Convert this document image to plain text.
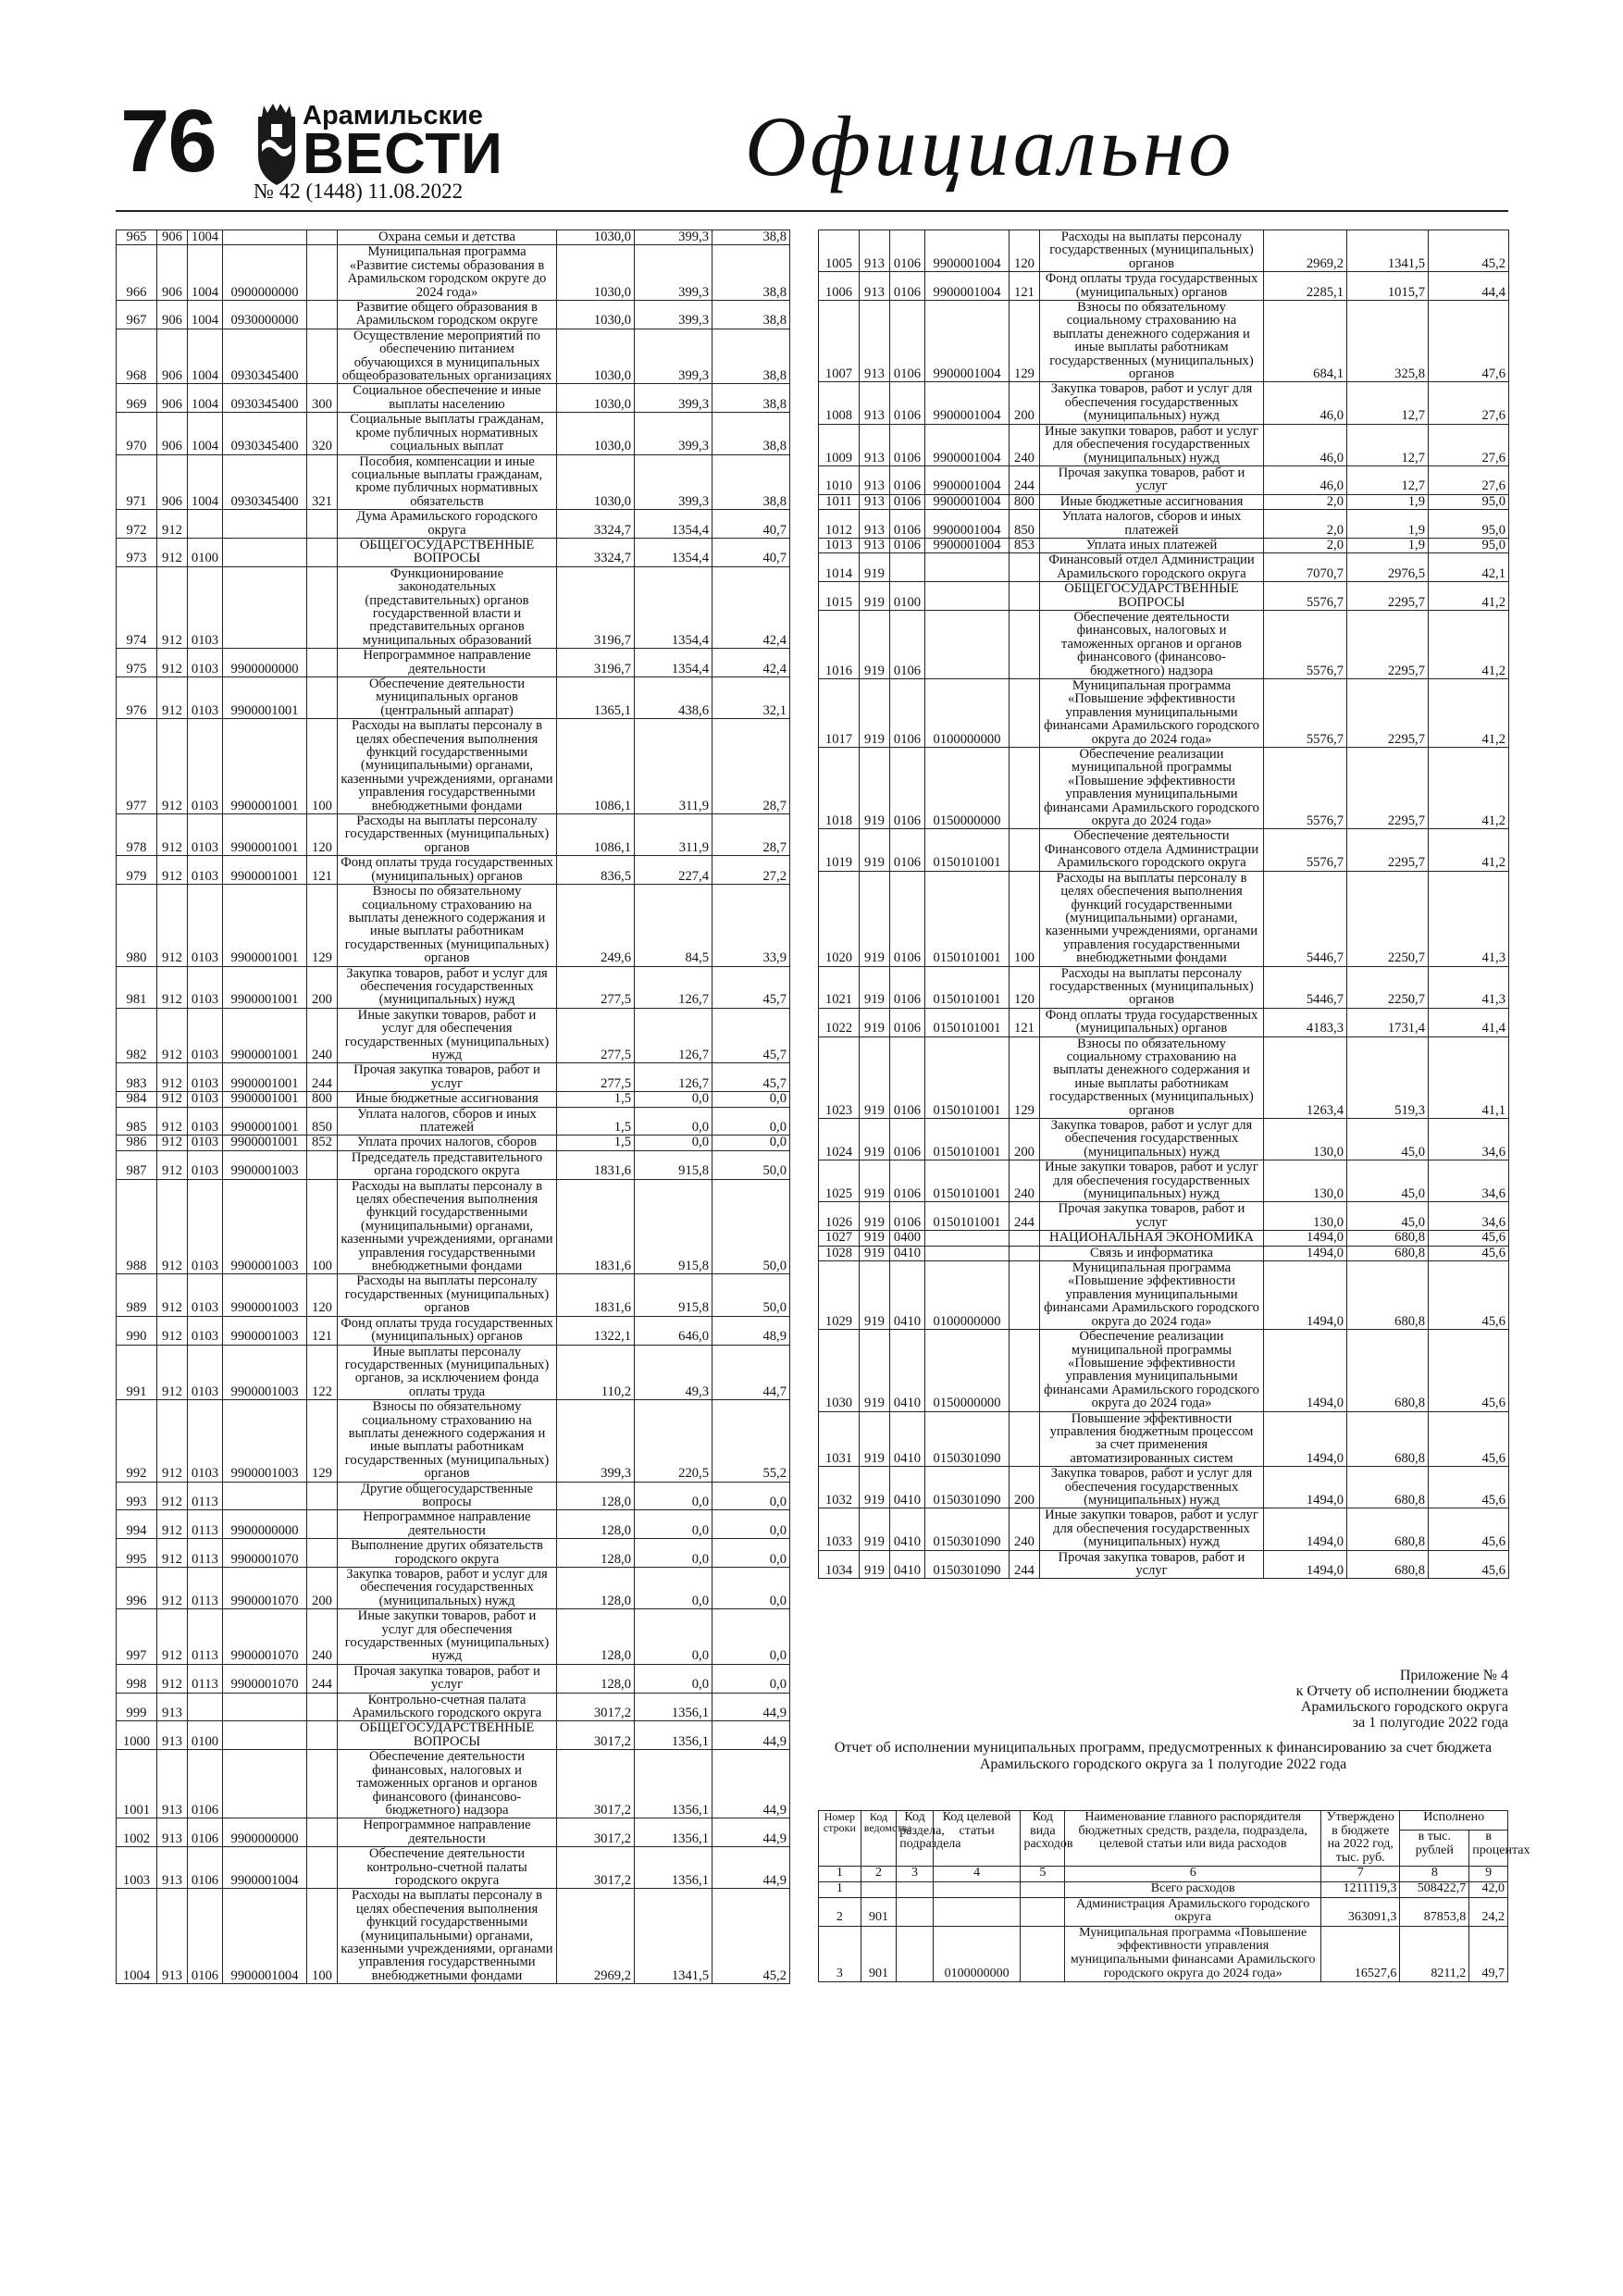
76	Арамильские
ВЕСТИ
№ 42 (1448) 11.08.2022	Официально
965	906	1004			Охрана семьи и детства	1030,0	399,3	38,8
966	906	1004	0900000000		Муниципальная программа «Развитие системы образования в Арамильском городском округе до 2024 года»	1030,0	399,3	38,8
967	906	1004	0930000000		Развитие общего образования в Арамильском городском округе	1030,0	399,3	38,8
968	906	1004	0930345400		Осуществление мероприятий по обеспечению питанием обучающихся в муниципальных общеобразовательных организациях	1030,0	399,3	38,8
969	906	1004	0930345400	300	Социальное обеспечение и иные выплаты населению	1030,0	399,3	38,8
970	906	1004	0930345400	320	Социальные выплаты гражданам, кроме публичных нормативных социальных выплат	1030,0	399,3	38,8
971	906	1004	0930345400	321	Пособия, компенсации и иные социальные выплаты гражданам, кроме публичных нормативных обязательств	1030,0	399,3	38,8
972	912				Дума Арамильского городского округа	3324,7	1354,4	40,7
973	912	0100			ОБЩЕГОСУДАРСТВЕННЫЕ ВОПРОСЫ	3324,7	1354,4	40,7
974	912	0103			Функционирование законодательных (представительных) органов государственной власти и представительных органов муниципальных образований	3196,7	1354,4	42,4
975	912	0103	9900000000		Непрограммное направление деятельности	3196,7	1354,4	42,4
976	912	0103	9900001001		Обеспечение деятельности муниципальных органов (центральный аппарат)	1365,1	438,6	32,1
977	912	0103	9900001001	100	Расходы на выплаты персоналу в целях обеспечения выполнения функций государственными (муниципальными) органами, казенными учреждениями, органами управления государственными внебюджетными фондами	1086,1	311,9	28,7
978	912	0103	9900001001	120	Расходы на выплаты персоналу государственных (муниципальных) органов	1086,1	311,9	28,7
979	912	0103	9900001001	121	Фонд оплаты труда государственных (муниципальных) органов	836,5	227,4	27,2
980	912	0103	9900001001	129	Взносы по обязательному социальному страхованию на выплаты денежного содержания и иные выплаты работникам государственных (муниципальных) органов	249,6	84,5	33,9
981	912	0103	9900001001	200	Закупка товаров, работ и услуг для обеспечения государственных (муниципальных) нужд	277,5	126,7	45,7
982	912	0103	9900001001	240	Иные закупки товаров, работ и услуг для обеспечения государственных (муниципальных) нужд	277,5	126,7	45,7
983	912	0103	9900001001	244	Прочая закупка товаров, работ и услуг	277,5	126,7	45,7
984	912	0103	9900001001	800	Иные бюджетные ассигнования	1,5	0,0	0,0
985	912	0103	9900001001	850	Уплата налогов, сборов и иных платежей	1,5	0,0	0,0
986	912	0103	9900001001	852	Уплата прочих налогов, сборов	1,5	0,0	0,0
987	912	0103	9900001003		Председатель представительного органа городского округа	1831,6	915,8	50,0
988	912	0103	9900001003	100	Расходы на выплаты персоналу в целях обеспечения выполнения функций государственными (муниципальными) органами, казенными учреждениями, органами управления государственными внебюджетными фондами	1831,6	915,8	50,0
989	912	0103	9900001003	120	Расходы на выплаты персоналу государственных (муниципальных) органов	1831,6	915,8	50,0
990	912	0103	9900001003	121	Фонд оплаты труда государственных (муниципальных) органов	1322,1	646,0	48,9
991	912	0103	9900001003	122	Иные выплаты персоналу государственных (муниципальных) органов, за исключением фонда оплаты труда	110,2	49,3	44,7
992	912	0103	9900001003	129	Взносы по обязательному социальному страхованию на выплаты денежного содержания и иные выплаты работникам государственных (муниципальных) органов	399,3	220,5	55,2
993	912	0113			Другие общегосударственные вопросы	128,0	0,0	0,0
994	912	0113	9900000000		Непрограммное направление деятельности	128,0	0,0	0,0
995	912	0113	9900001070		Выполнение других обязательств городского округа	128,0	0,0	0,0
996	912	0113	9900001070	200	Закупка товаров, работ и услуг для обеспечения государственных (муниципальных) нужд	128,0	0,0	0,0
997	912	0113	9900001070	240	Иные закупки товаров, работ и услуг для обеспечения государственных (муниципальных) нужд	128,0	0,0	0,0
998	912	0113	9900001070	244	Прочая закупка товаров, работ и услуг	128,0	0,0	0,0
999	913				Контрольно-счетная палата Арамильского городского округа	3017,2	1356,1	44,9
1000	913	0100			ОБЩЕГОСУДАРСТВЕННЫЕ ВОПРОСЫ	3017,2	1356,1	44,9
1001	913	0106			Обеспечение деятельности финансовых, налоговых и таможенных органов и органов финансового (финансово-бюджетного) надзора	3017,2	1356,1	44,9
1002	913	0106	9900000000		Непрограммное направление деятельности	3017,2	1356,1	44,9
1003	913	0106	9900001004		Обеспечение деятельности контрольно-счетной палаты городского округа	3017,2	1356,1	44,9
1004	913	0106	9900001004	100	Расходы на выплаты персоналу в целях обеспечения выполнения функций государственными (муниципальными) органами, казенными учреждениями, органами управления государственными внебюджетными фондами	2969,2	1341,5	45,2
1005	913	0106	9900001004	120	Расходы на выплаты персоналу государственных (муниципальных) органов	2969,2	1341,5	45,2
1006	913	0106	9900001004	121	Фонд оплаты труда государственных (муниципальных) органов	2285,1	1015,7	44,4
1007	913	0106	9900001004	129	Взносы по обязательному социальному страхованию на выплаты денежного содержания и иные выплаты работникам государственных (муниципальных) органов	684,1	325,8	47,6
1008	913	0106	9900001004	200	Закупка товаров, работ и услуг для обеспечения государственных (муниципальных) нужд	46,0	12,7	27,6
1009	913	0106	9900001004	240	Иные закупки товаров, работ и услуг для обеспечения государственных (муниципальных) нужд	46,0	12,7	27,6
1010	913	0106	9900001004	244	Прочая закупка товаров, работ и услуг	46,0	12,7	27,6
1011	913	0106	9900001004	800	Иные бюджетные ассигнования	2,0	1,9	95,0
1012	913	0106	9900001004	850	Уплата налогов, сборов и иных платежей	2,0	1,9	95,0
1013	913	0106	9900001004	853	Уплата иных платежей	2,0	1,9	95,0
1014	919				Финансовый отдел Администрации Арамильского городского округа	7070,7	2976,5	42,1
1015	919	0100			ОБЩЕГОСУДАРСТВЕННЫЕ ВОПРОСЫ	5576,7	2295,7	41,2
1016	919	0106			Обеспечение деятельности финансовых, налоговых и таможенных органов и органов финансового (финансово-бюджетного) надзора	5576,7	2295,7	41,2
1017	919	0106	0100000000		Муниципальная программа «Повышение эффективности управления муниципальными финансами Арамильского городского округа до 2024 года»	5576,7	2295,7	41,2
1018	919	0106	0150000000		Обеспечение реализации муниципальной программы «Повышение эффективности управления муниципальными финансами Арамильского городского округа до 2024 года»	5576,7	2295,7	41,2
1019	919	0106	0150101001		Обеспечение деятельности Финансового отдела Администрации Арамильского городского округа	5576,7	2295,7	41,2
1020	919	0106	0150101001	100	Расходы на выплаты персоналу в целях обеспечения выполнения функций государственными (муниципальными) органами, казенными учреждениями, органами управления государственными внебюджетными фондами	5446,7	2250,7	41,3
1021	919	0106	0150101001	120	Расходы на выплаты персоналу государственных (муниципальных) органов	5446,7	2250,7	41,3
1022	919	0106	0150101001	121	Фонд оплаты труда государственных (муниципальных) органов	4183,3	1731,4	41,4
1023	919	0106	0150101001	129	Взносы по обязательному социальному страхованию на выплаты денежного содержания и иные выплаты работникам государственных (муниципальных) органов	1263,4	519,3	41,1
1024	919	0106	0150101001	200	Закупка товаров, работ и услуг для обеспечения государственных (муниципальных) нужд	130,0	45,0	34,6
1025	919	0106	0150101001	240	Иные закупки товаров, работ и услуг для обеспечения государственных (муниципальных) нужд	130,0	45,0	34,6
1026	919	0106	0150101001	244	Прочая закупка товаров, работ и услуг	130,0	45,0	34,6
1027	919	0400			НАЦИОНАЛЬНАЯ ЭКОНОМИКА	1494,0	680,8	45,6
1028	919	0410			Связь и информатика	1494,0	680,8	45,6
1029	919	0410	0100000000		Муниципальная программа «Повышение эффективности управления муниципальными финансами Арамильского городского округа до 2024 года»	1494,0	680,8	45,6
1030	919	0410	0150000000		Обеспечение реализации муниципальной программы «Повышение эффективности управления муниципальными финансами Арамильского городского округа до 2024 года»	1494,0	680,8	45,6
1031	919	0410	0150301090		Повышение эффективности управления бюджетным процессом за счет применения автоматизированных систем	1494,0	680,8	45,6
1032	919	0410	0150301090	200	Закупка товаров, работ и услуг для обеспечения государственных (муниципальных) нужд	1494,0	680,8	45,6
1033	919	0410	0150301090	240	Иные закупки товаров, работ и услуг для обеспечения государственных (муниципальных) нужд	1494,0	680,8	45,6
1034	919	0410	0150301090	244	Прочая закупка товаров, работ и услуг	1494,0	680,8	45,6
Приложение № 4
к Отчету об исполнении бюджета
Арамильского городского округа
за 1 полугодие 2022 года
Отчет об исполнении муниципальных программ, предусмотренных к финансированию за счет бюджета Арамильского городского округа за 1 полугодие 2022 года
Номер строки	Код ведомства	Код раздела, подраздела	Код целевой статьи	Код вида расходов	Наименование главного распорядителя бюджетных средств, раздела, подраздела, целевой статьи или вида расходов	Утверждено в бюджете на 2022 год, тыс. руб.	Исполнено	
							в тыс. рублей	в процентах
1	2	3	4	5	6	7	8	9
1					Всего расходов	1211119,3	508422,7	42,0
2	901				Администрация Арамильского городского округа	363091,3	87853,8	24,2
3	901		0100000000		Муниципальная программа «Повышение эффективности управления муниципальными финансами Арамильского городского округа до 2024 года»	16527,6	8211,2	49,7
